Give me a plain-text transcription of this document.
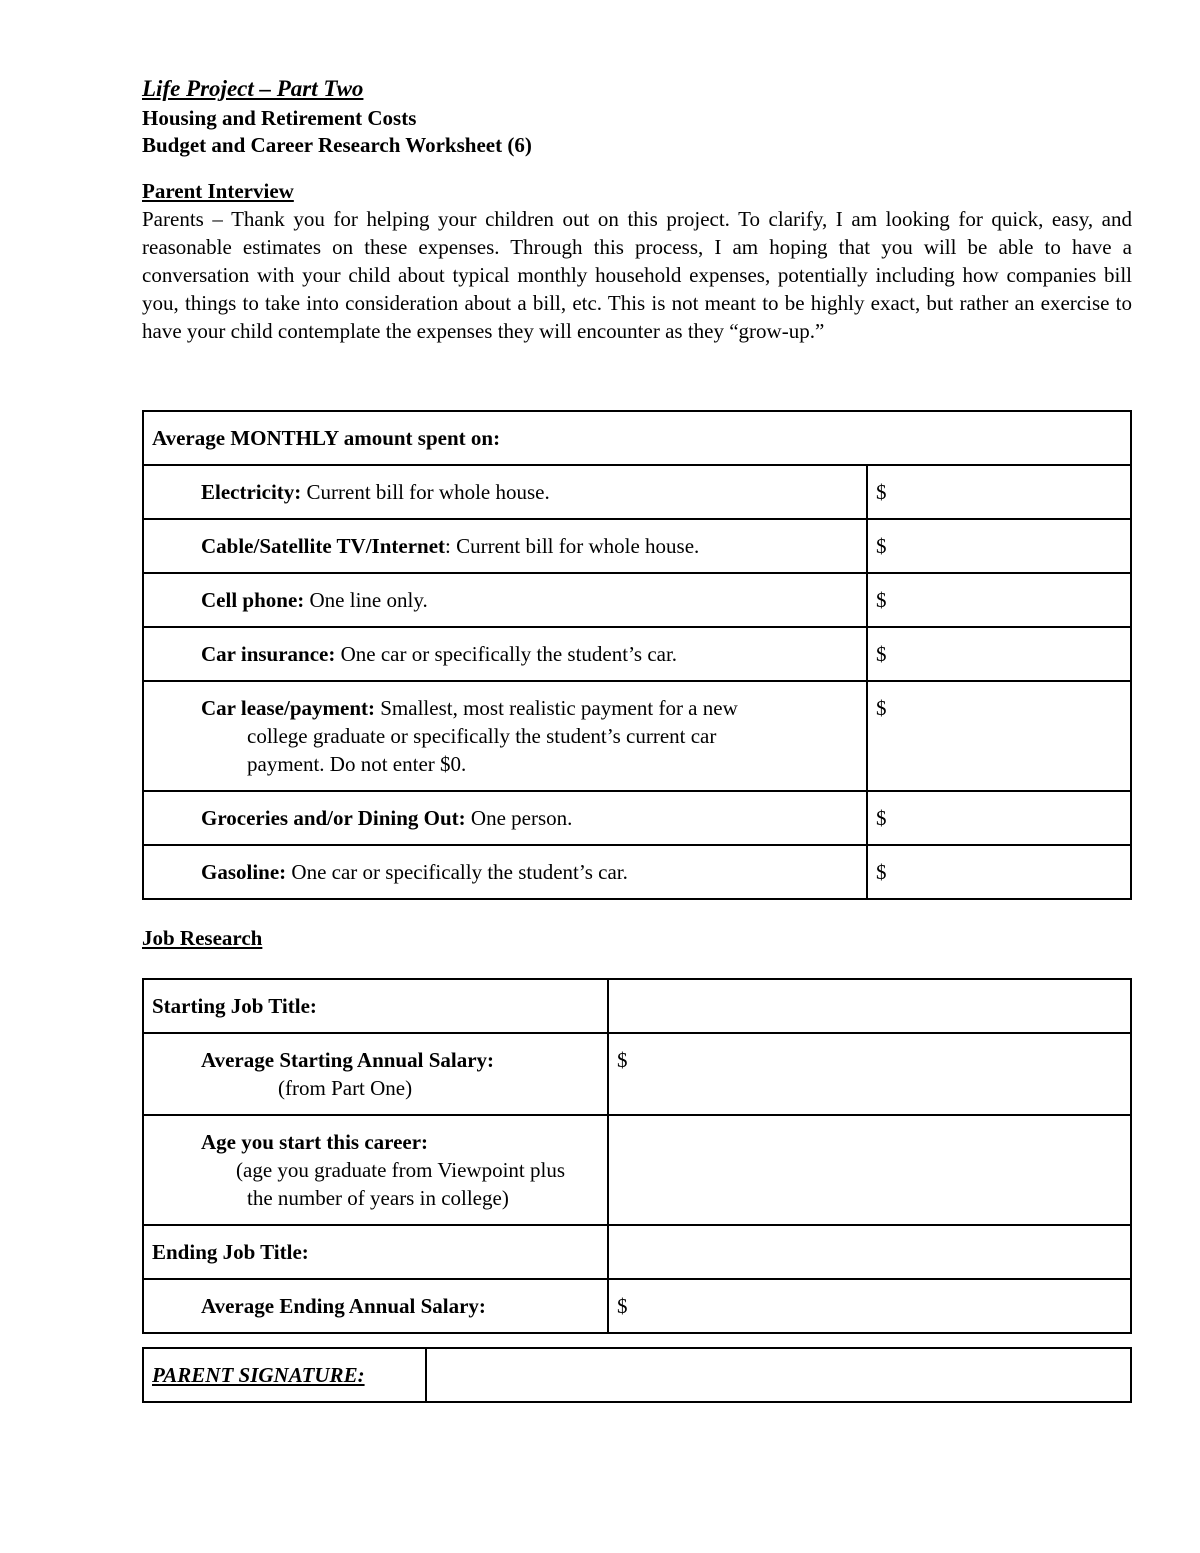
Life Project – Part Two
Housing and Retirement Costs
Budget and Career Research Worksheet (6)
Parent Interview

Parents – Thank you for helping your children out on this project. To clarify, I am looking for quick, easy, and reasonable estimates on these expenses. Through this process, I am hoping that you will be able to have a conversation with your child about typical monthly household expenses, potentially including how companies bill you, things to take into consideration about a bill, etc. This is not meant to be highly exact, but rather an exercise to have your child contemplate the expenses they will encounter as they “grow-up.”

Average MONTHLY amount spent on:	

Electricity: Current bill for whole house.	$

Cable/Satellite TV/Internet: Current bill for whole house.	$

Cell phone: One line only.	$

Car insurance: One car or specifically the student’s car.	$

Car lease/payment: Smallest, most realistic payment for a new
college graduate or specifically the student’s current car
payment. Do not enter $0.	$

Groceries and/or Dining Out: One person.	$

Gasoline: One car or specifically the student’s car.	$
Job Research
Starting Job Title:	

Average Starting Annual Salary:
(from Part One)	$

Age you start this career:
(age you graduate from Viewpoint plus
the number of years in college)	

Ending Job Title:	

Average Ending Annual Salary:	$
PARENT SIGNATURE:
